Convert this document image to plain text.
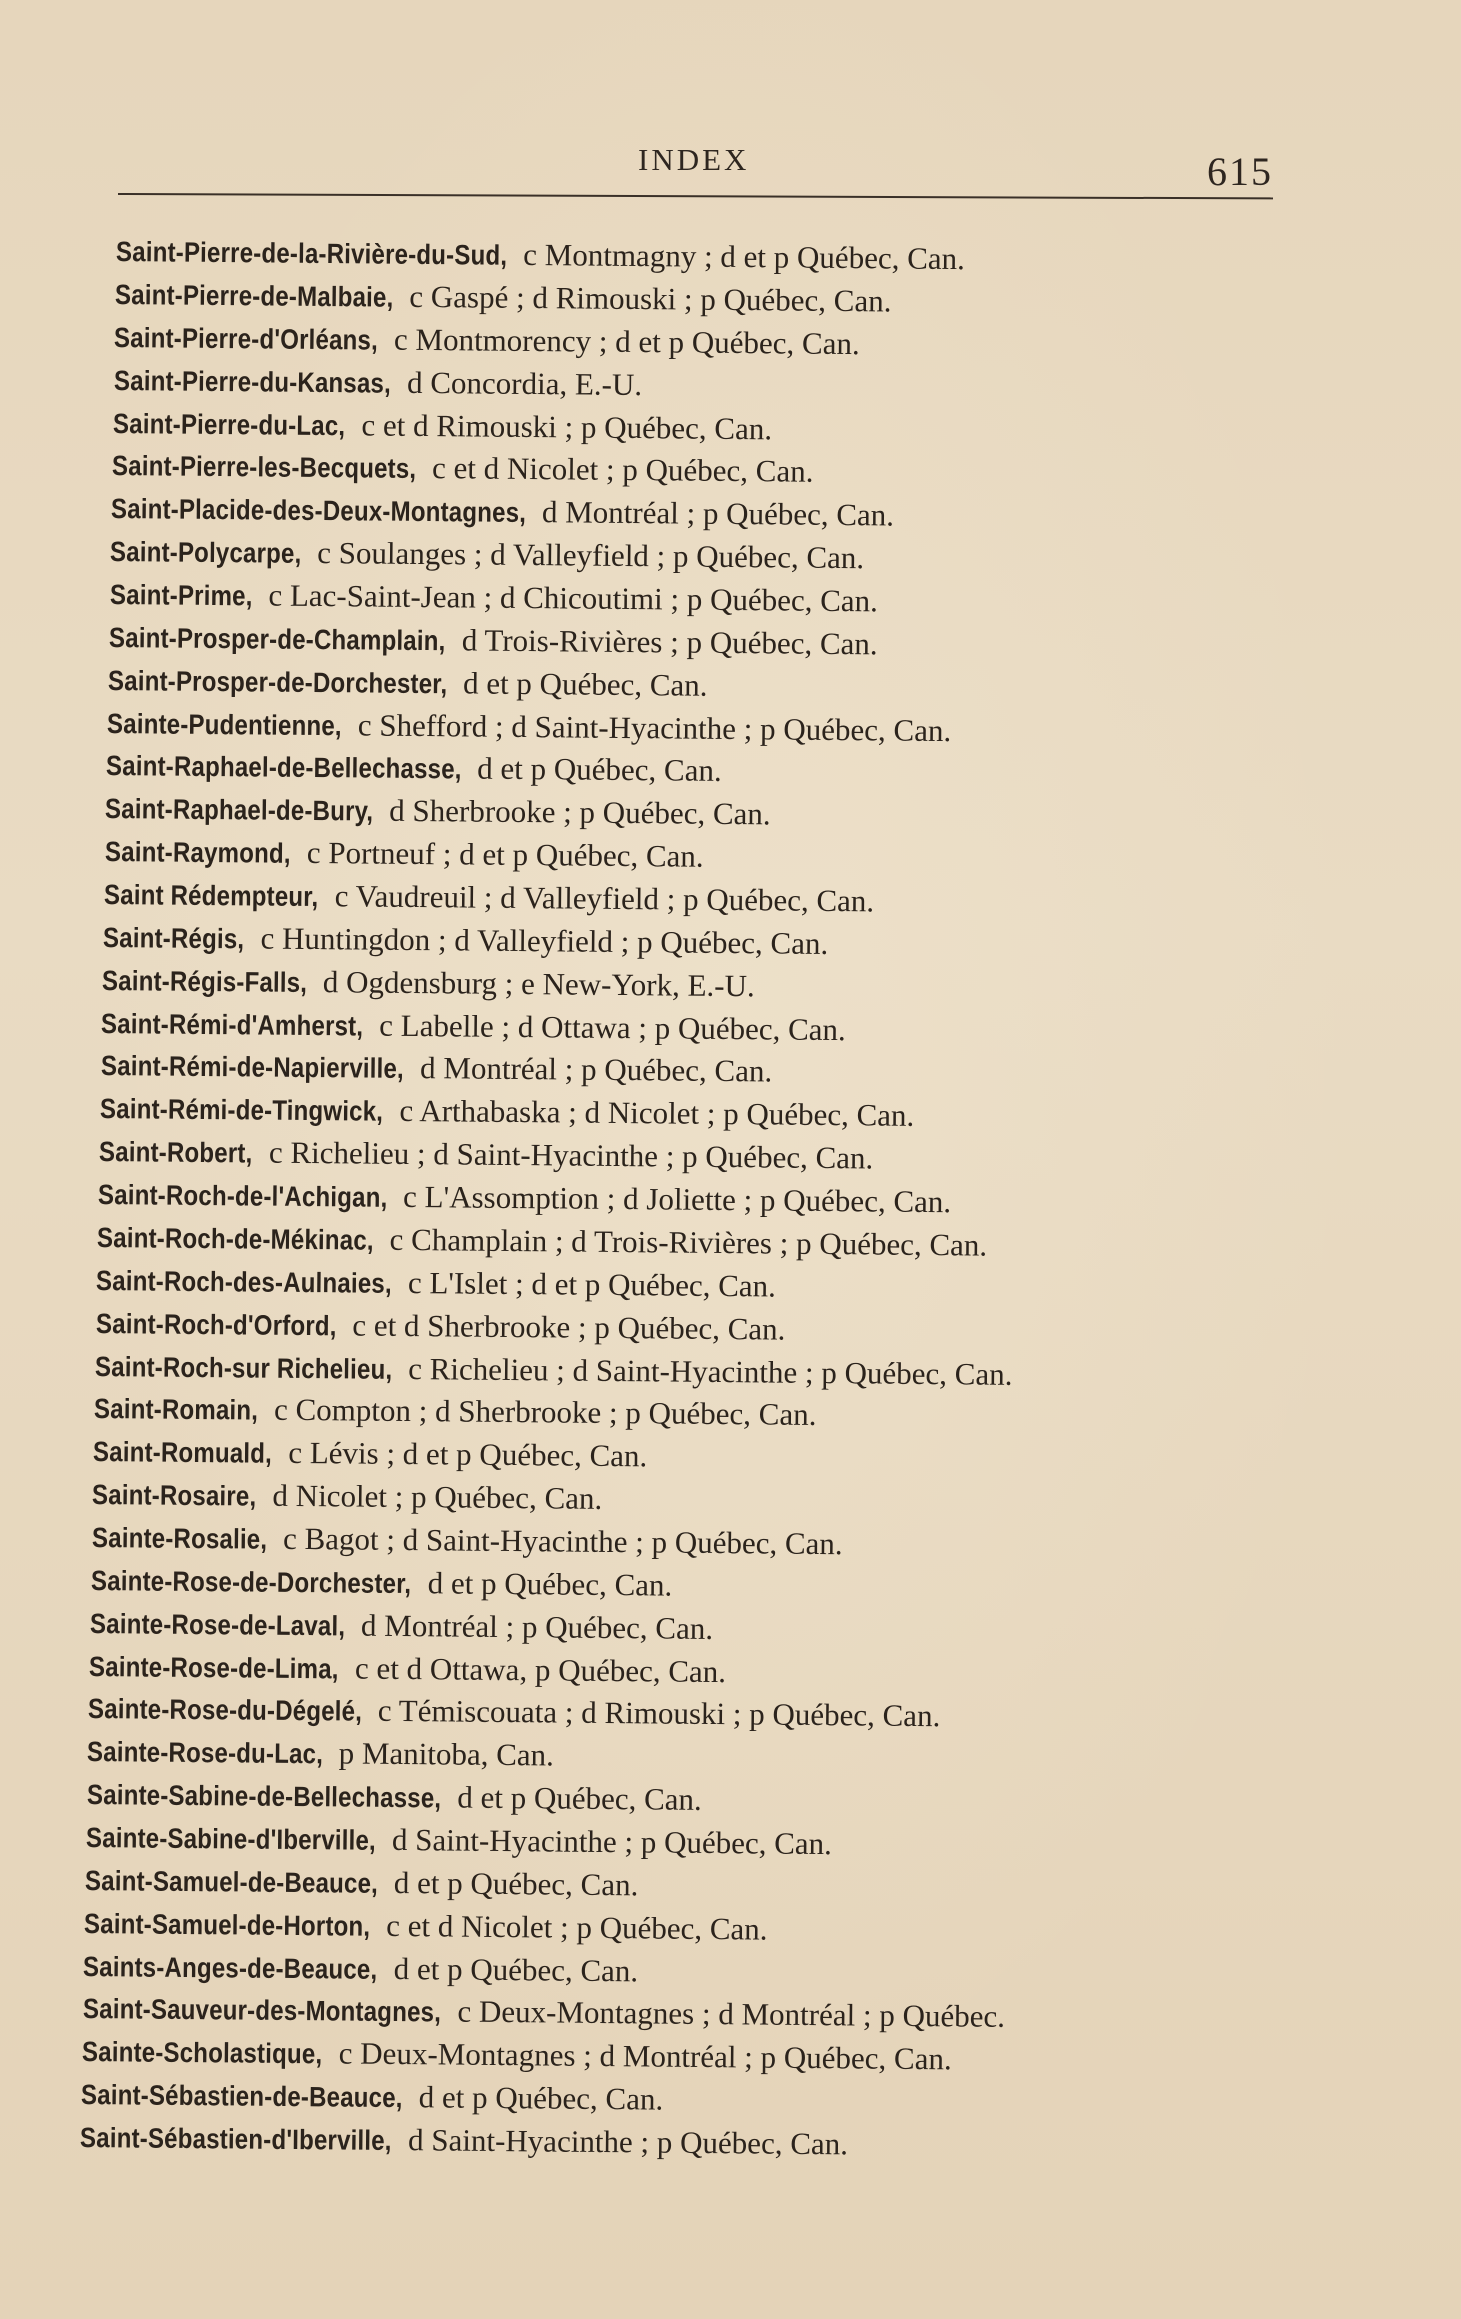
INDEX	615
Saint-Pierre-de-la-Rivière-du-Sud, c Montmagny ; d et p Québec, Can.
Saint-Pierre-de-Malbaie, c Gaspé ; d Rimouski ; p Québec, Can.
Saint-Pierre-d'Orléans, c Montmorency ; d et p Québec, Can.
Saint-Pierre-du-Kansas, d Concordia, E.-U.
Saint-Pierre-du-Lac, c et d Rimouski ; p Québec, Can.
Saint-Pierre-les-Becquets, c et d Nicolet ; p Québec, Can.
Saint-Placide-des-Deux-Montagnes, d Montréal ; p Québec, Can.
Saint-Polycarpe, c Soulanges ; d Valleyfield ; p Québec, Can.
Saint-Prime, c Lac-Saint-Jean ; d Chicoutimi ; p Québec, Can.
Saint-Prosper-de-Champlain, d Trois-Rivières ; p Québec, Can.
Saint-Prosper-de-Dorchester, d et p Québec, Can.
Sainte-Pudentienne, c Shefford ; d Saint-Hyacinthe ; p Québec, Can.
Saint-Raphael-de-Bellechasse, d et p Québec, Can.
Saint-Raphael-de-Bury, d Sherbrooke ; p Québec, Can.
Saint-Raymond, c Portneuf ; d et p Québec, Can.
Saint Rédempteur, c Vaudreuil ; d Valleyfield ; p Québec, Can.
Saint-Régis, c Huntingdon ; d Valleyfield ; p Québec, Can.
Saint-Régis-Falls, d Ogdensburg ; e New-York, E.-U.
Saint-Rémi-d'Amherst, c Labelle ; d Ottawa ; p Québec, Can.
Saint-Rémi-de-Napierville, d Montréal ; p Québec, Can.
Saint-Rémi-de-Tingwick, c Arthabaska ; d Nicolet ; p Québec, Can.
Saint-Robert, c Richelieu ; d Saint-Hyacinthe ; p Québec, Can.
Saint-Roch-de-l'Achigan, c L'Assomption ; d Joliette ; p Québec, Can.
Saint-Roch-de-Mékinac, c Champlain ; d Trois-Rivières ; p Québec, Can.
Saint-Roch-des-Aulnaies, c L'Islet ; d et p Québec, Can.
Saint-Roch-d'Orford, c et d Sherbrooke ; p Québec, Can.
Saint-Roch-sur Richelieu, c Richelieu ; d Saint-Hyacinthe ; p Québec, Can.
Saint-Romain, c Compton ; d Sherbrooke ; p Québec, Can.
Saint-Romuald, c Lévis ; d et p Québec, Can.
Saint-Rosaire, d Nicolet ; p Québec, Can.
Sainte-Rosalie, c Bagot ; d Saint-Hyacinthe ; p Québec, Can.
Sainte-Rose-de-Dorchester, d et p Québec, Can.
Sainte-Rose-de-Laval, d Montréal ; p Québec, Can.
Sainte-Rose-de-Lima, c et d Ottawa, p Québec, Can.
Sainte-Rose-du-Dégelé, c Témiscouata ; d Rimouski ; p Québec, Can.
Sainte-Rose-du-Lac, p Manitoba, Can.
Sainte-Sabine-de-Bellechasse, d et p Québec, Can.
Sainte-Sabine-d'Iberville, d Saint-Hyacinthe ; p Québec, Can.
Saint-Samuel-de-Beauce, d et p Québec, Can.
Saint-Samuel-de-Horton, c et d Nicolet ; p Québec, Can.
Saints-Anges-de-Beauce, d et p Québec, Can.
Saint-Sauveur-des-Montagnes, c Deux-Montagnes ; d Montréal ; p Québec.
Sainte-Scholastique, c Deux-Montagnes ; d Montréal ; p Québec, Can.
Saint-Sébastien-de-Beauce, d et p Québec, Can.
Saint-Sébastien-d'Iberville, d Saint-Hyacinthe ; p Québec, Can.
